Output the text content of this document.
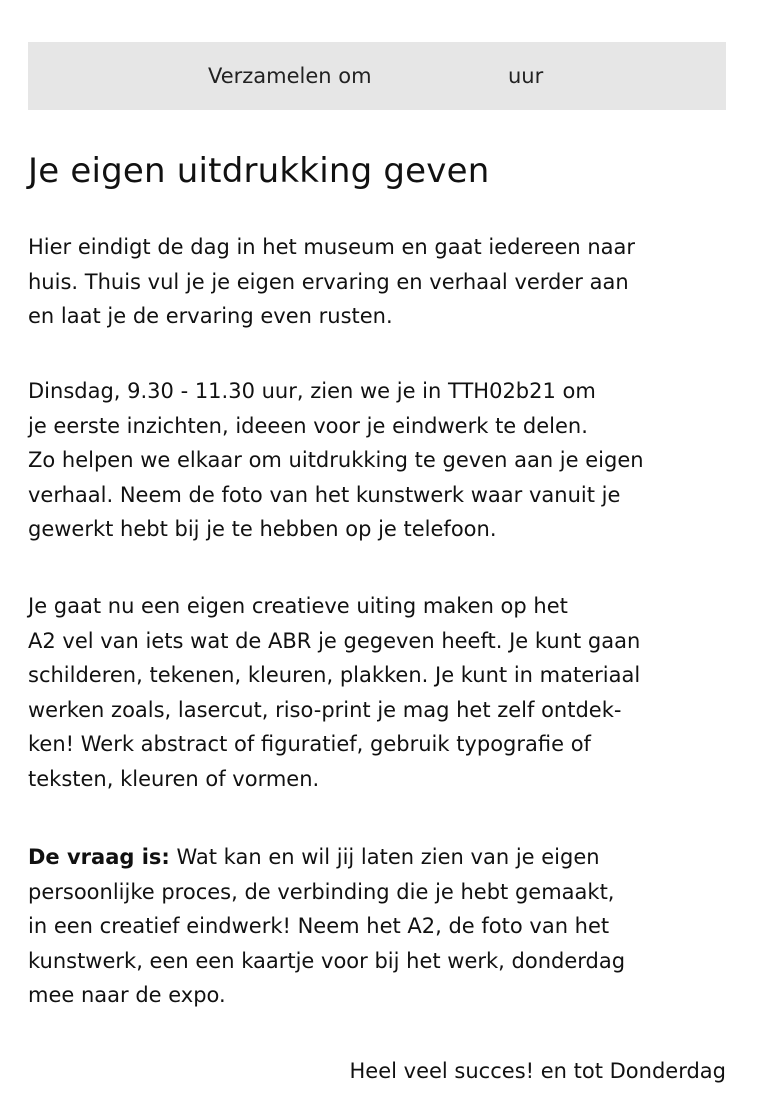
Verzamelen om	uur
Je eigen uitdrukking geven

Hier eindigt de dag in het museum en gaat iedereen naar
huis. Thuis vul je je eigen ervaring en verhaal verder aan
en laat je de ervaring even rusten.

Dinsdag, 9.30 - 11.30 uur, zien we je in TTH02b21 om
je eerste inzichten, ideeen voor je eindwerk te delen.
Zo helpen we elkaar om uitdrukking te geven aan je eigen
verhaal. Neem de foto van het kunstwerk waar vanuit je
gewerkt hebt bij je te hebben op je telefoon.

Je gaat nu een eigen creatieve uiting maken op het
A2 vel van iets wat de ABR je gegeven heeft. Je kunt gaan
schilderen, tekenen, kleuren, plakken. Je kunt in materiaal
werken zoals, lasercut, riso-print je mag het zelf ontdek-
ken! Werk abstract of figuratief, gebruik typografie of
teksten, kleuren of vormen.

De vraag is: Wat kan en wil jij laten zien van je eigen
persoonlijke proces, de verbinding die je hebt gemaakt,
in een creatief eindwerk! Neem het A2, de foto van het
kunstwerk, een een kaartje voor bij het werk, donderdag
mee naar de expo.

Heel veel succes! en tot Donderdag
